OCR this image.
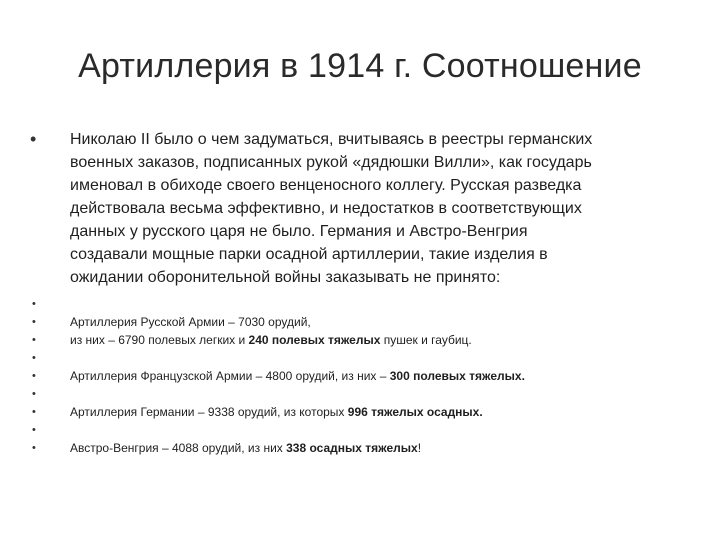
Артиллерия в 1914 г. Соотношение
• Николаю II было о чем задуматься, вчитываясь в реестры германских
военных заказов, подписанных рукой «дядюшки Вилли», как государь
именовал в обиходе своего венценосного коллегу. Русская разведка
действовала весьма эффективно, и недостатков в соответствующих
данных у русского царя не было. Германия и Австро-Венгрия
создавали мощные парки осадной артиллерии, такие изделия в
ожидании оборонительной войны заказывать не принято:
•
•	Артиллерия Русской Армии – 7030 орудий,
•	из них – 6790 полевых легких и 240 полевых тяжелых пушек и гаубиц.
•
•	Артиллерия Французской Армии – 4800 орудий, из них – 300 полевых тяжелых.
•
•	Артиллерия Германии – 9338 орудий, из которых 996 тяжелых осадных.
•
•	Австро-Венгрия – 4088 орудий, из них 338 осадных тяжелых!
